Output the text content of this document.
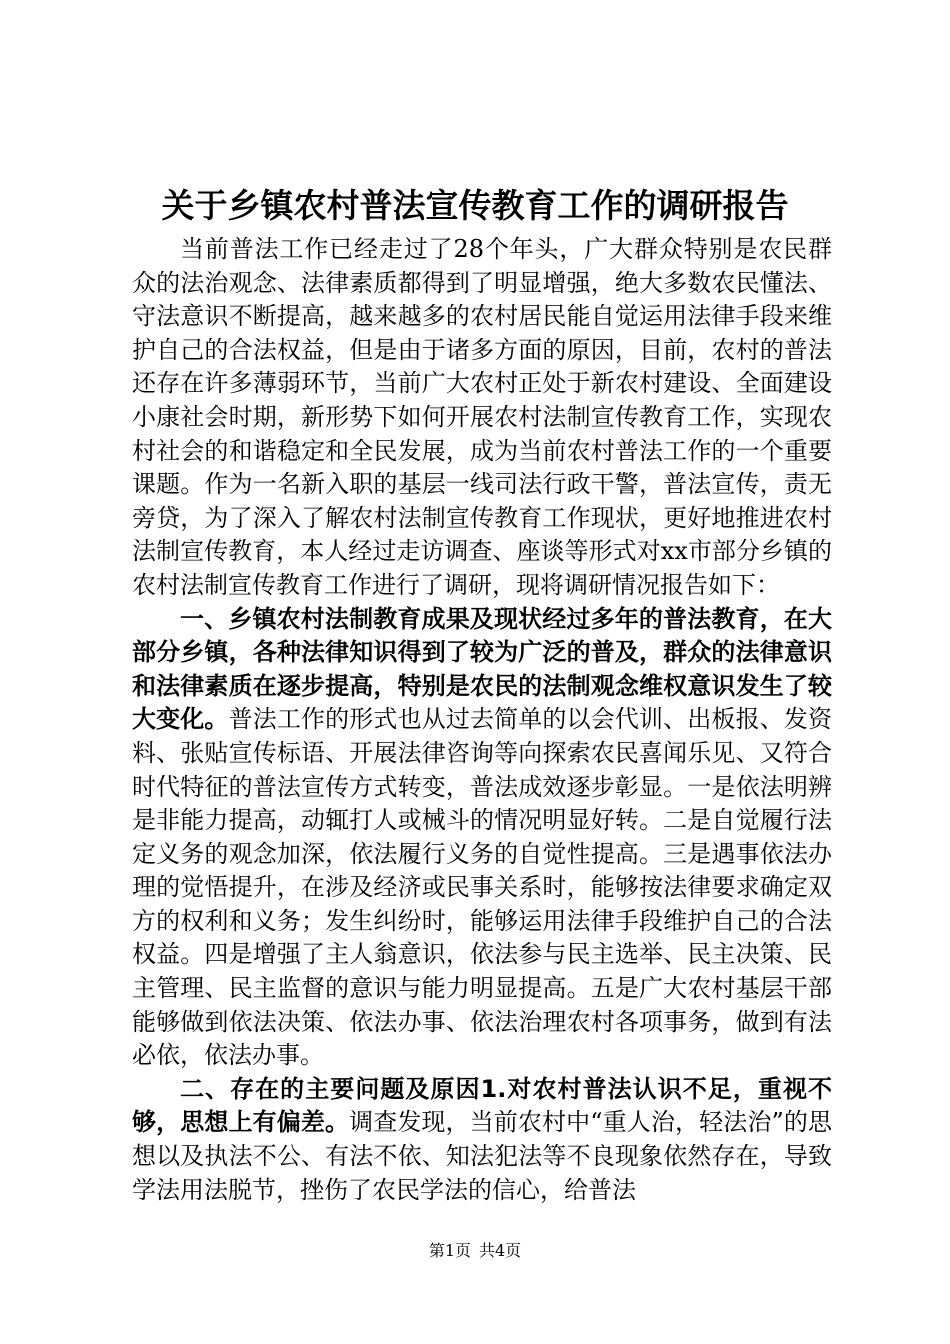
关于乡镇农村普法宣传教育工作的调研报告

当前普法工作已经走过了28个年头，广大群众特别是农民群众的法治观念、法律素质都得到了明显增强，绝大多数农民懂法、守法意识不断提高，越来越多的农村居民能自觉运用法律手段来维护自己的合法权益，但是由于诸多方面的原因，目前，农村的普法还存在许多薄弱环节，当前广大农村正处于新农村建设、全面建设小康社会时期，新形势下如何开展农村法制宣传教育工作，实现农村社会的和谐稳定和全民发展，成为当前农村普法工作的一个重要课题。作为一名新入职的基层一线司法行政干警，普法宣传，责无旁贷，为了深入了解农村法制宣传教育工作现状，更好地推进农村法制宣传教育，本人经过走访调查、座谈等形式对xx市部分乡镇的农村法制宣传教育工作进行了调研，现将调研情况报告如下：

一、乡镇农村法制教育成果及现状经过多年的普法教育，在大部分乡镇，各种法律知识得到了较为广泛的普及，群众的法律意识和法律素质在逐步提高，特别是农民的法制观念维权意识发生了较大变化。普法工作的形式也从过去简单的以会代训、出板报、发资料、张贴宣传标语、开展法律咨询等向探索农民喜闻乐见、又符合时代特征的普法宣传方式转变，普法成效逐步彰显。一是依法明辨是非能力提高，动辄打人或械斗的情况明显好转。二是自觉履行法定义务的观念加深，依法履行义务的自觉性提高。三是遇事依法办理的觉悟提升，在涉及经济或民事关系时，能够按法律要求确定双方的权利和义务；发生纠纷时，能够运用法律手段维护自己的合法权益。四是增强了主人翁意识，依法参与民主选举、民主决策、民主管理、民主监督的意识与能力明显提高。五是广大农村基层干部能够做到依法决策、依法办事、依法治理农村各项事务，做到有法必依，依法办事。

二、存在的主要问题及原因1.对农村普法认识不足，重视不够，思想上有偏差。调查发现，当前农村中“重人治，轻法治”的思想以及执法不公、有法不依、知法犯法等不良现象依然存在，导致学法用法脱节，挫伤了农民学法的信心，给普法

第1页 共4页
